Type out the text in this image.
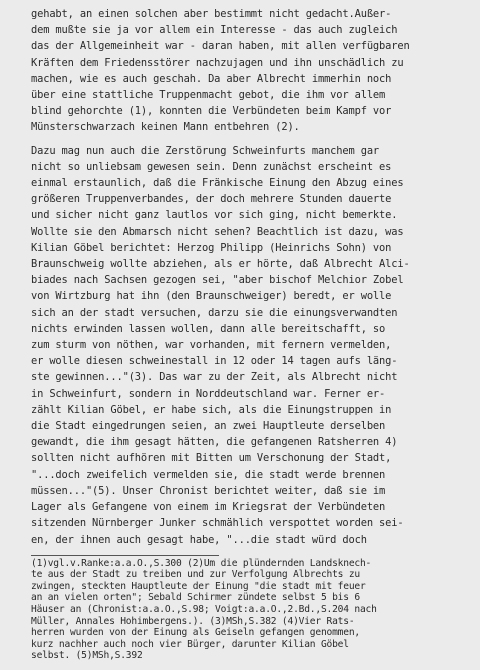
gehabt, an einen solchen aber bestimmt nicht gedacht.Außer-
dem mußte sie ja vor allem ein Interesse - das auch zugleich
das der Allgemeinheit war - daran haben, mit allen verfügbaren
Kräften dem Friedensstörer nachzujagen und ihn unschädlich zu
machen, wie es auch geschah. Da aber Albrecht immerhin noch
über eine stattliche Truppenmacht gebot, die ihm vor allem
blind gehorchte (1), konnten die Verbündeten beim Kampf vor
Münsterschwarzach keinen Mann entbehren (2).
Dazu mag nun auch die Zerstörung Schweinfurts manchem gar
nicht so unliebsam gewesen sein. Denn zunächst erscheint es
einmal erstaunlich, daß die Fränkische Einung den Abzug eines
größeren Truppenverbandes, der doch mehrere Stunden dauerte
und sicher nicht ganz lautlos vor sich ging, nicht bemerkte.
Wollte sie den Abmarsch nicht sehen? Beachtlich ist dazu, was
Kilian Göbel berichtet: Herzog Philipp (Heinrichs Sohn) von
Braunschweig wollte abziehen, als er hörte, daß Albrecht Alci-
biades nach Sachsen gezogen sei, "aber bischof Melchior Zobel
von Wirtzburg hat ihn (den Braunschweiger) beredt, er wolle
sich an der stadt versuchen, darzu sie die einungsverwandten
nichts erwinden lassen wollen, dann alle bereitschafft, so
zum sturm von nöthen, war vorhanden, mit fernern vermelden,
er wolle diesen schweinestall in 12 oder 14 tagen aufs läng-
ste gewinnen..."(3). Das war zu der Zeit, als Albrecht nicht
in Schweinfurt, sondern in Norddeutschland war. Ferner er-
zählt Kilian Göbel, er habe sich, als die Einungstruppen in
die Stadt eingedrungen seien, an zwei Hauptleute derselben
gewandt, die ihm gesagt hätten, die gefangenen Ratsherren 4)
sollten nicht aufhören mit Bitten um Verschonung der Stadt,
"...doch zweifelich vermelden sie, die stadt werde brennen
müssen..."(5). Unser Chronist berichtet weiter, daß sie im
Lager als Gefangene von einem im Kriegsrat der Verbündeten
sitzenden Nürnberger Junker schmählich verspottet worden sei-
en, der ihnen auch gesagt habe, "...die stadt würd doch
(1)vgl.v.Ranke:a.a.O.,S.300 (2)Um die plündernden Landsknech-
te aus der Stadt zu treiben und zur Verfolgung Albrechts zu
zwingen, steckten Hauptleute der Einung "die stadt mit feuer
an an vielen orten"; Sebald Schirmer zündete selbst 5 bis 6
Häuser an (Chronist:a.a.O.,S.98; Voigt:a.a.O.,2.Bd.,S.204 nach
Müller, Annales Hohimbergens.). (3)MSh,S.382 (4)Vier Rats-
herren wurden von der Einung als Geiseln gefangen genommen,
kurz nachher auch noch vier Bürger, darunter Kilian Göbel
selbst. (5)MSh,S.392
